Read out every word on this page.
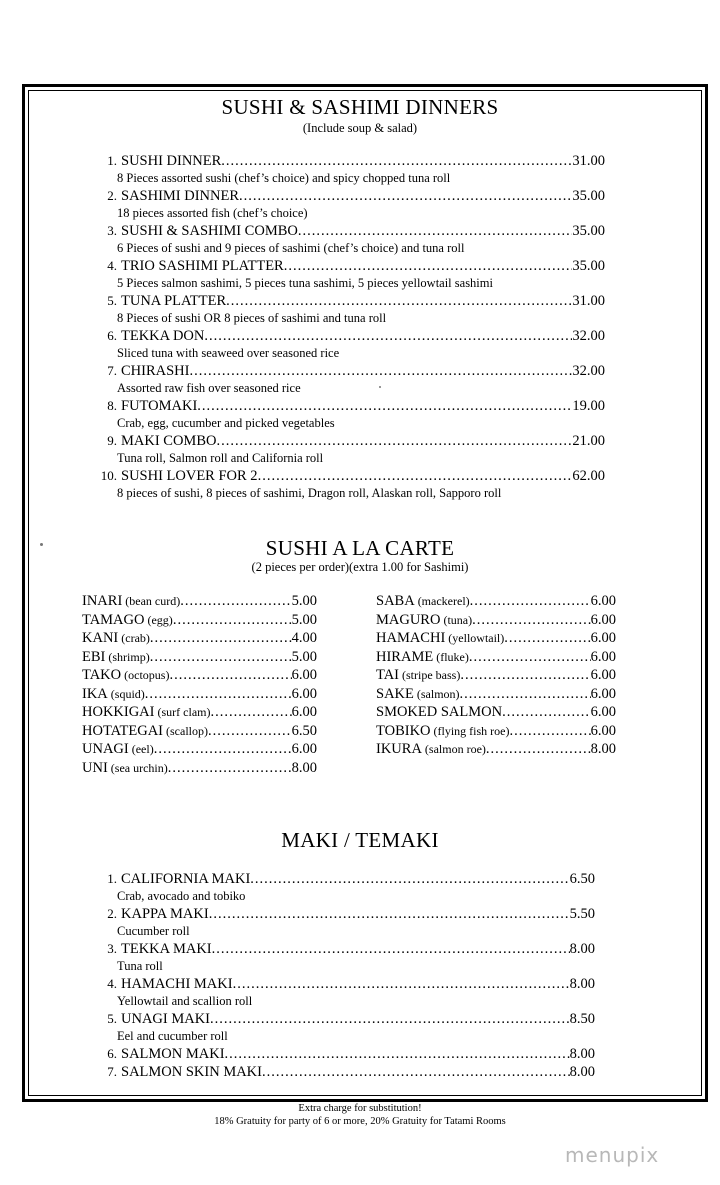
SUSHI & SASHIMI DINNERS
(Include soup & salad)
1. SUSHI DINNER .....	31.00
8 Pieces assorted sushi (chef’s choice) and spicy chopped tuna roll
2. SASHIMI DINNER .....	35.00
18 pieces assorted fish (chef’s choice)
3. SUSHI & SASHIMI COMBO .....	35.00
6 Pieces of sushi and 9 pieces of sashimi (chef’s choice) and tuna roll
4. TRIO SASHIMI PLATTER .....	35.00
5 Pieces salmon sashimi, 5 pieces tuna sashimi, 5 pieces yellowtail sashimi
5. TUNA PLATTER .....	31.00
8 Pieces of sushi OR 8 pieces of sashimi and tuna roll
6. TEKKA DON .....	32.00
Sliced tuna with seaweed over seasoned rice
7. CHIRASHI .....	32.00
Assorted raw fish over seasoned rice
8. FUTOMAKI .....	19.00
Crab, egg, cucumber and picked vegetables
9. MAKI COMBO .....	21.00
Tuna roll, Salmon roll and California roll
10. SUSHI LOVER FOR 2 .....	62.00
8 pieces of sushi, 8 pieces of sashimi, Dragon roll, Alaskan roll, Sapporo roll
SUSHI A LA CARTE
(2 pieces per order)(extra 1.00 for Sashimi)
INARI (bean curd) .....	5.00
TAMAGO (egg) .....	5.00
KANI (crab) .....	4.00
EBI (shrimp) .....	5.00
TAKO (octopus) .....	6.00
IKA (squid) .....	6.00
HOKKIGAI (surf clam) .....	6.00
HOTATEGAI (scallop) .....	6.50
UNAGI (eel) .....	6.00
UNI (sea urchin) .....	8.00
SABA (mackerel) .....	6.00
MAGURO (tuna) .....	6.00
HAMACHI (yellowtail) .....	6.00
HIRAME (fluke) .....	6.00
TAI (stripe bass) .....	6.00
SAKE (salmon) .....	6.00
SMOKED SALMON .....	6.00
TOBIKO (flying fish roe) .....	6.00
IKURA (salmon roe) .....	8.00
MAKI / TEMAKI
1. CALIFORNIA MAKI .....	6.50
Crab, avocado and tobiko
2. KAPPA MAKI .....	5.50
Cucumber roll
3. TEKKA MAKI .....	8.00
Tuna roll
4. HAMACHI MAKI .....	8.00
Yellowtail and scallion roll
5. UNAGI MAKI .....	8.50
Eel and cucumber roll
6. SALMON MAKI .....	8.00
7. SALMON SKIN MAKI .....	8.00
Extra charge for substitution!
18% Gratuity for party of 6 or more, 20% Gratuity for Tatami Rooms
menupix
